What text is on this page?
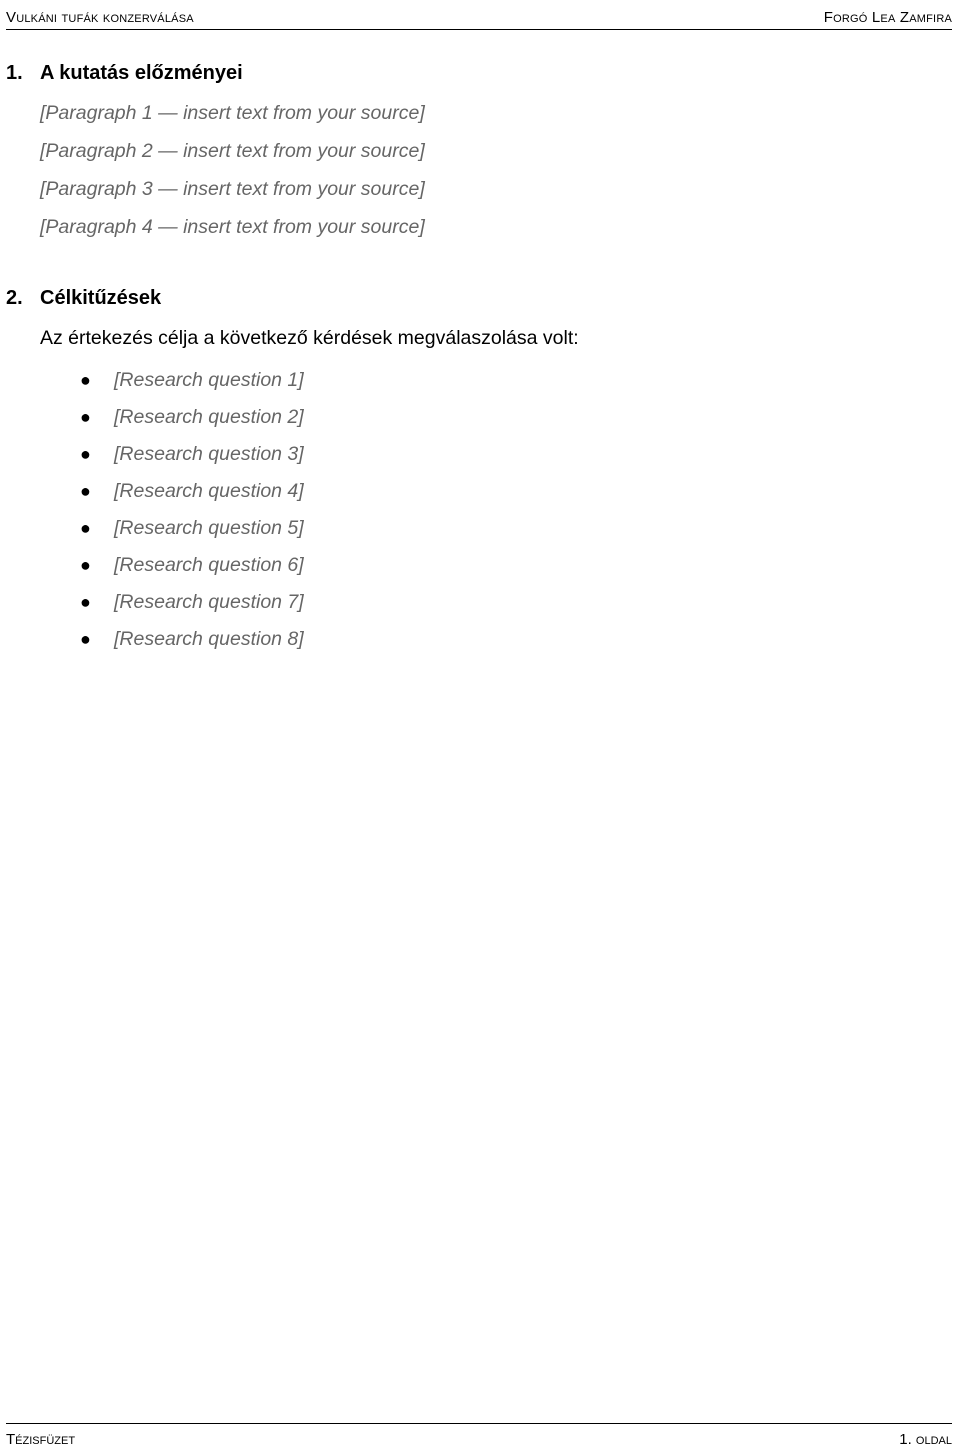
Vulkáni tufák konzerválása	Forgó Lea Zamfira
1. A kutatás előzményei

[Paragraph 1 — insert text from your source]

[Paragraph 2 — insert text from your source]

[Paragraph 3 — insert text from your source]

[Paragraph 4 — insert text from your source]

2. Célkitűzések

Az értekezés célja a következő kérdések megválaszolása volt:

● [Research question 1]
● [Research question 2]
● [Research question 3]
● [Research question 4]
● [Research question 5]
● [Research question 6]
● [Research question 7]
● [Research question 8]
Tézisfüzet	1. oldal
